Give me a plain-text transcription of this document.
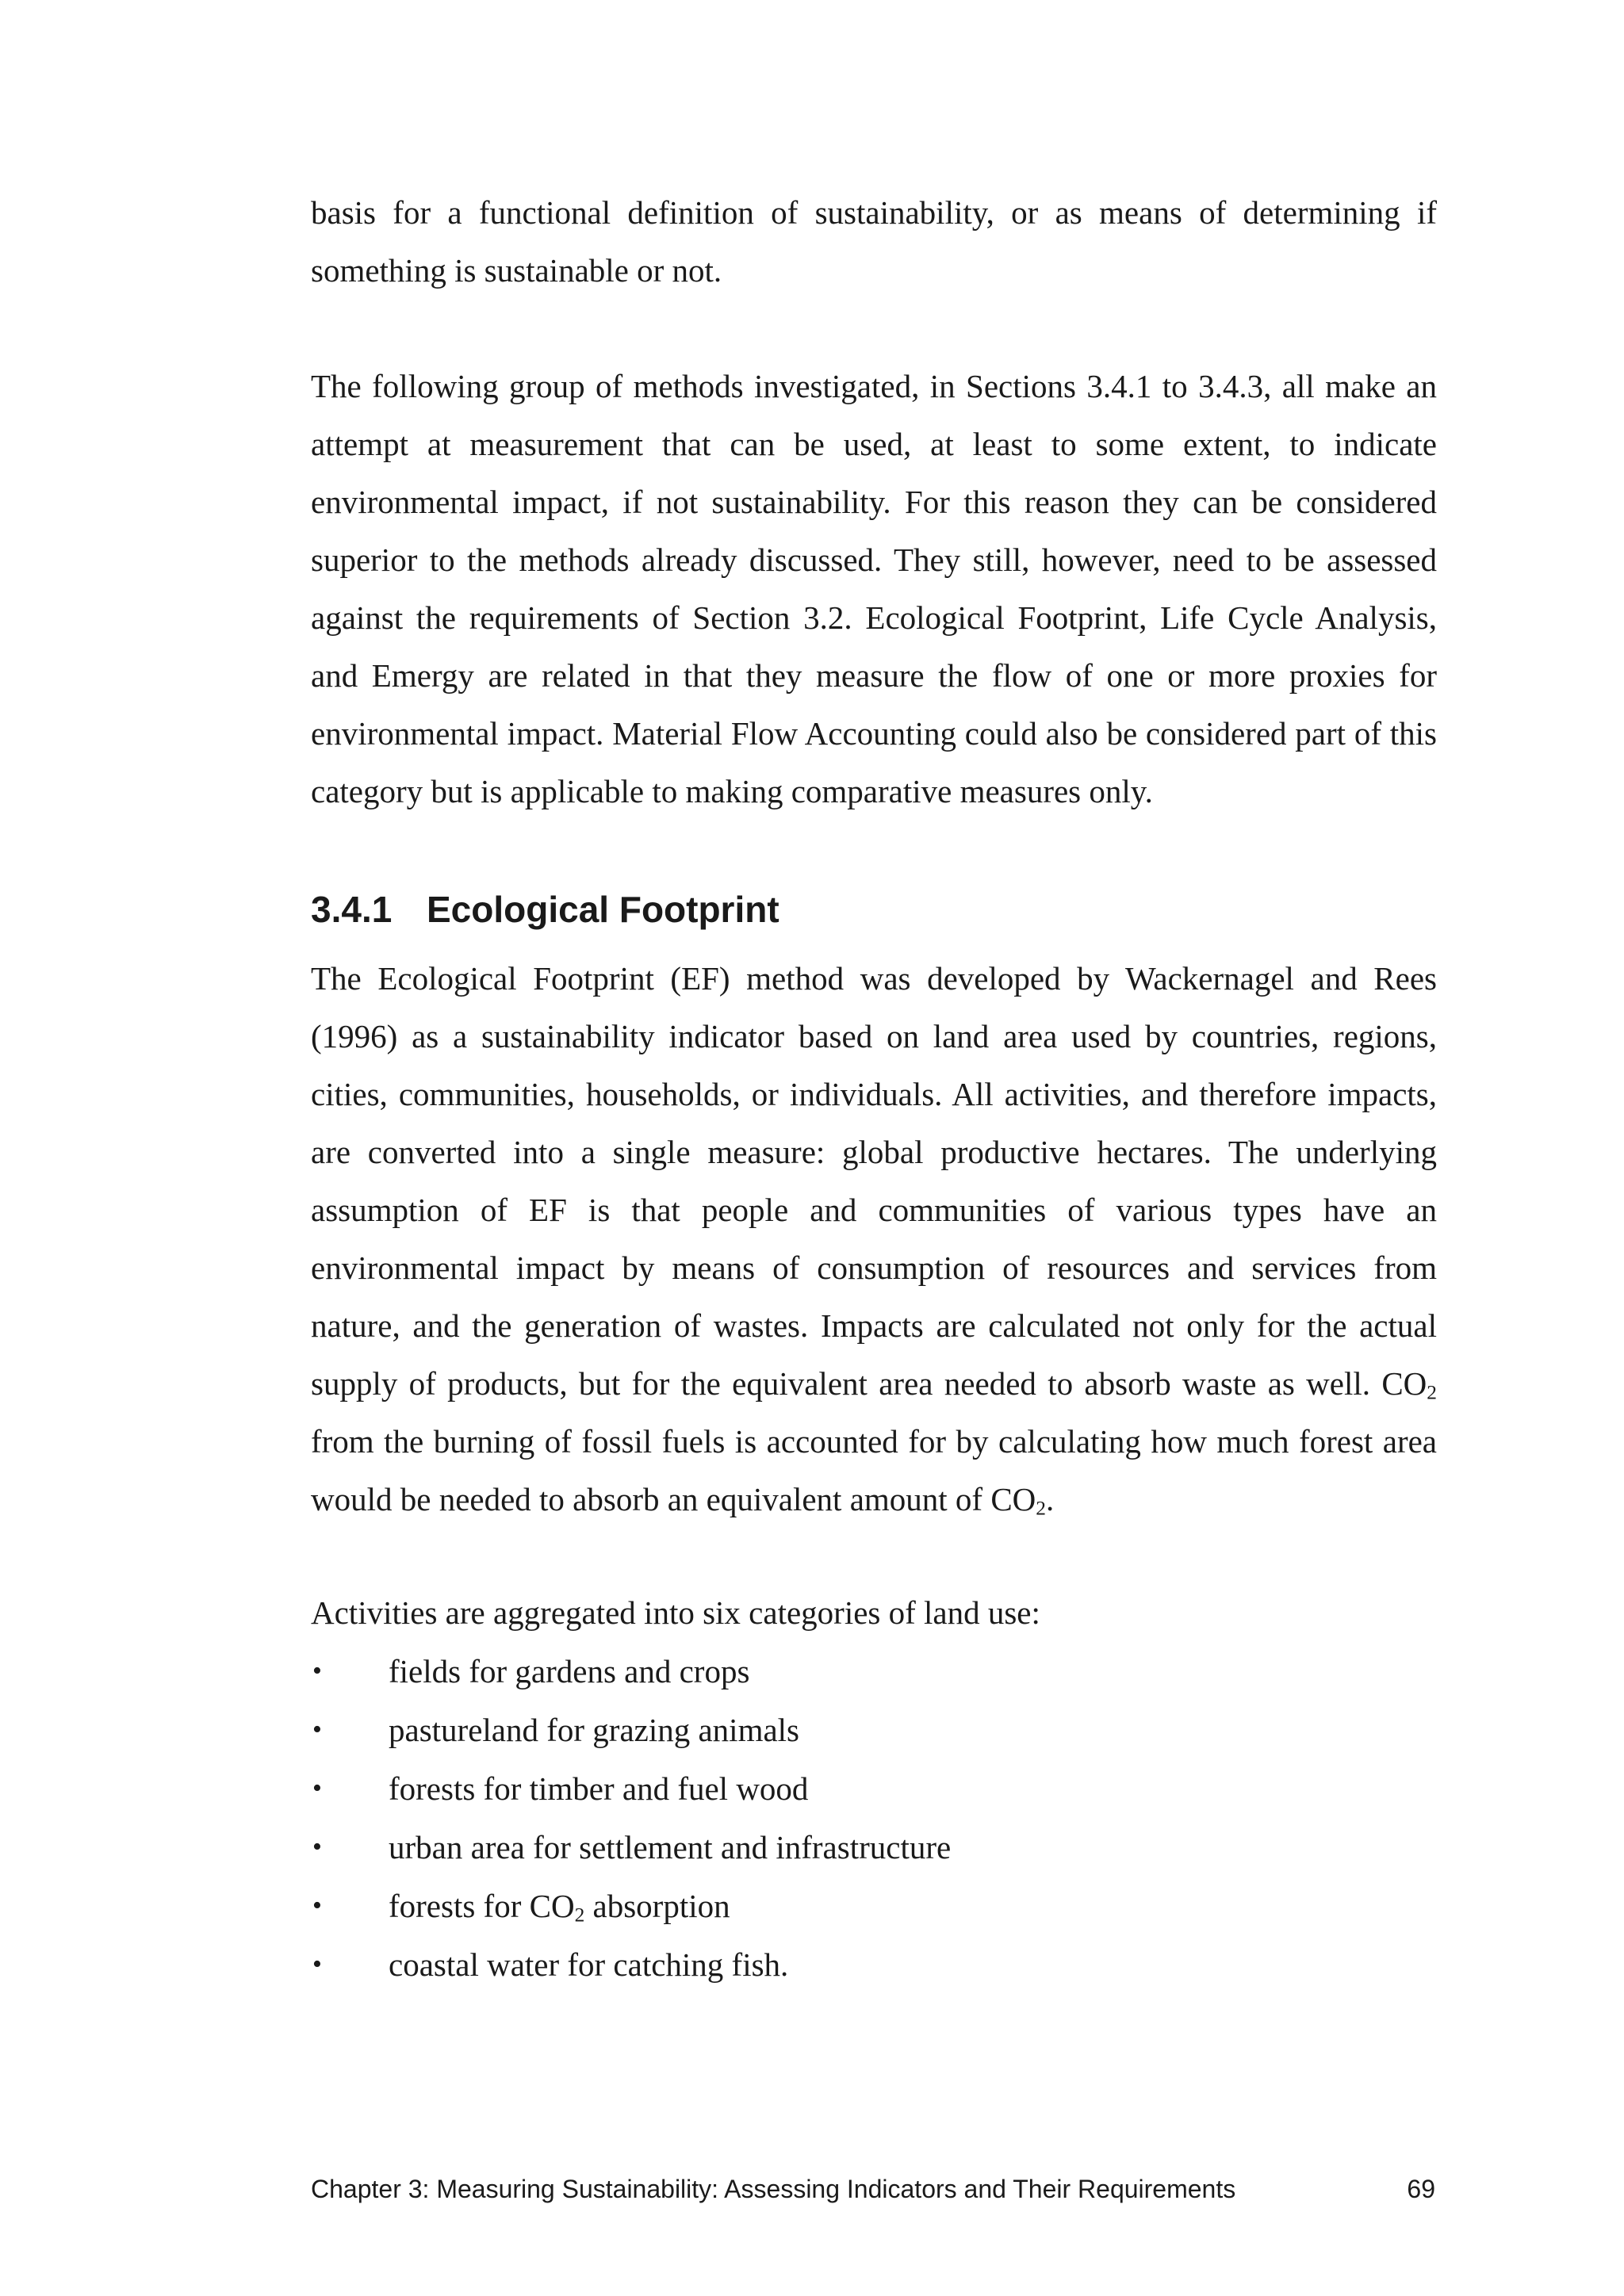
basis for a functional definition of sustainability, or as means of determining if something is sustainable or not.

The following group of methods investigated, in Sections 3.4.1 to 3.4.3, all make an attempt at measurement that can be used, at least to some extent, to indicate environmental impact, if not sustainability. For this reason they can be considered superior to the methods already discussed. They still, however, need to be assessed against the requirements of Section 3.2. Ecological Footprint, Life Cycle Analysis, and Emergy are related in that they measure the flow of one or more proxies for environmental impact. Material Flow Accounting could also be considered part of this category but is applicable to making comparative measures only.

3.4.1 Ecological Footprint

The Ecological Footprint (EF) method was developed by Wackernagel and Rees (1996) as a sustainability indicator based on land area used by countries, regions, cities, communities, households, or individuals. All activities, and therefore impacts, are converted into a single measure: global productive hectares. The underlying assumption of EF is that people and communities of various types have an environmental impact by means of consumption of resources and services from nature, and the generation of wastes. Impacts are calculated not only for the actual supply of products, but for the equivalent area needed to absorb waste as well. $CO_2$ from the burning of fossil fuels is accounted for by calculating how much forest area would be needed to absorb an equivalent amount of $CO_2$.

Activities are aggregated into six categories of land use:

• fields for gardens and crops
• pastureland for grazing animals
• forests for timber and fuel wood
• urban area for settlement and infrastructure
• forests for $CO_2$ absorption
• coastal water for catching fish.
Chapter 3: Measuring Sustainability: Assessing Indicators and Their Requirements	69
